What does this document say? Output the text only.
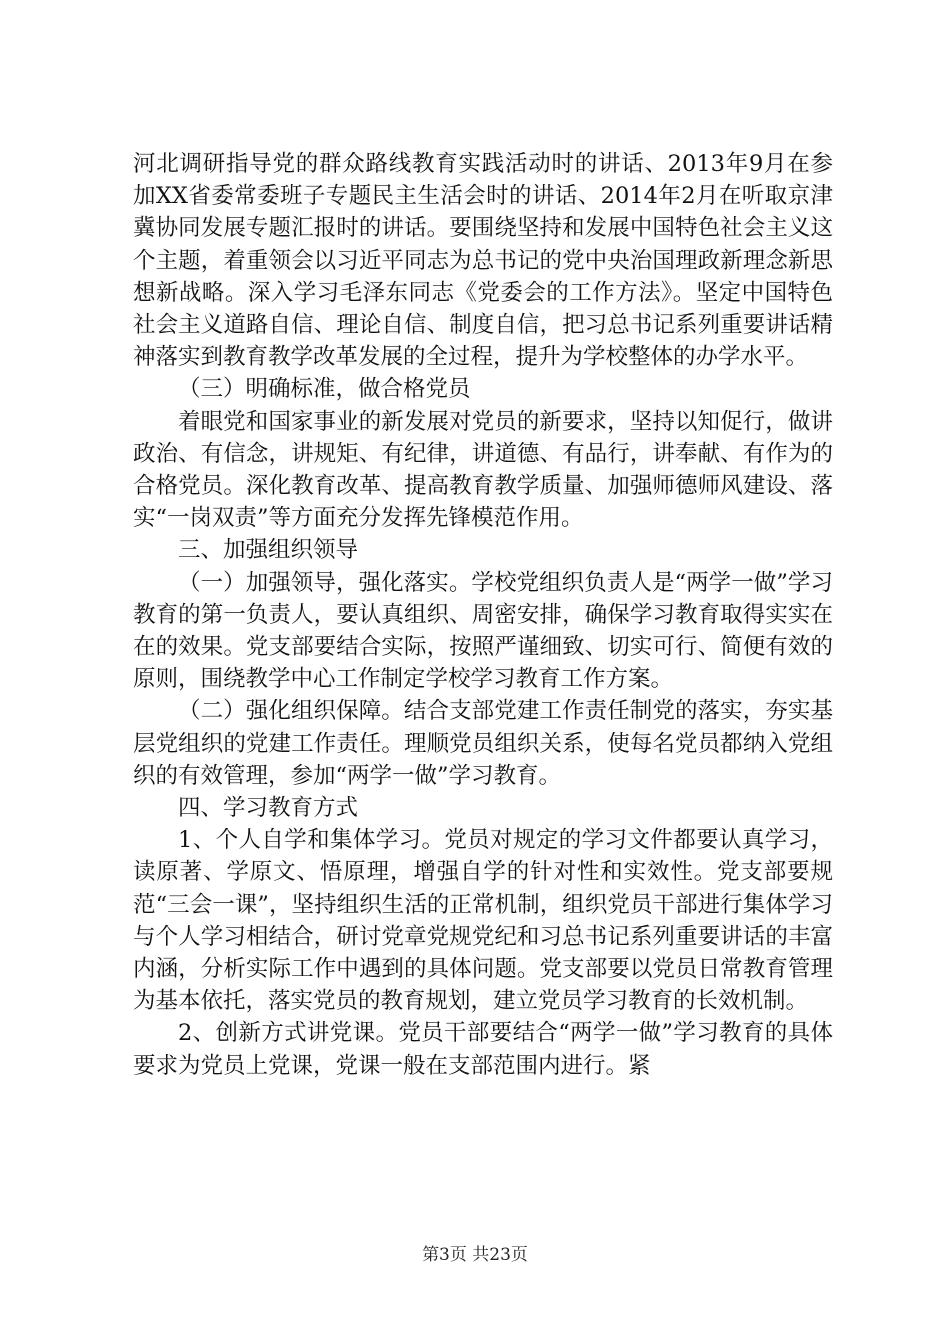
河北调研指导党的群众路线教育实践活动时的讲话、2013年9月在参加XX省委常委班子专题民主生活会时的讲话、2014年2月在听取京津冀协同发展专题汇报时的讲话。要围绕坚持和发展中国特色社会主义这个主题，着重领会以习近平同志为总书记的党中央治国理政新理念新思想新战略。深入学习毛泽东同志《党委会的工作方法》。坚定中国特色社会主义道路自信、理论自信、制度自信，把习总书记系列重要讲话精神落实到教育教学改革发展的全过程，提升为学校整体的办学水平。

（三）明确标准，做合格党员

着眼党和国家事业的新发展对党员的新要求，坚持以知促行，做讲政治、有信念，讲规矩、有纪律，讲道德、有品行，讲奉献、有作为的合格党员。深化教育改革、提高教育教学质量、加强师德师风建设、落实“一岗双责”等方面充分发挥先锋模范作用。

三、加强组织领导

（一）加强领导，强化落实。学校党组织负责人是“两学一做”学习教育的第一负责人，要认真组织、周密安排，确保学习教育取得实实在在的效果。党支部要结合实际，按照严谨细致、切实可行、简便有效的原则，围绕教学中心工作制定学校学习教育工作方案。

（二）强化组织保障。结合支部党建工作责任制党的落实，夯实基层党组织的党建工作责任。理顺党员组织关系，使每名党员都纳入党组织的有效管理，参加“两学一做”学习教育。

四、学习教育方式

1、个人自学和集体学习。党员对规定的学习文件都要认真学习，读原著、学原文、悟原理，增强自学的针对性和实效性。党支部要规范“三会一课”，坚持组织生活的正常机制，组织党员干部进行集体学习与个人学习相结合，研讨党章党规党纪和习总书记系列重要讲话的丰富内涵，分析实际工作中遇到的具体问题。党支部要以党员日常教育管理为基本依托，落实党员的教育规划，建立党员学习教育的长效机制。

2、创新方式讲党课。党员干部要结合“两学一做”学习教育的具体要求为党员上党课，党课一般在支部范围内进行。紧

第3页 共23页
